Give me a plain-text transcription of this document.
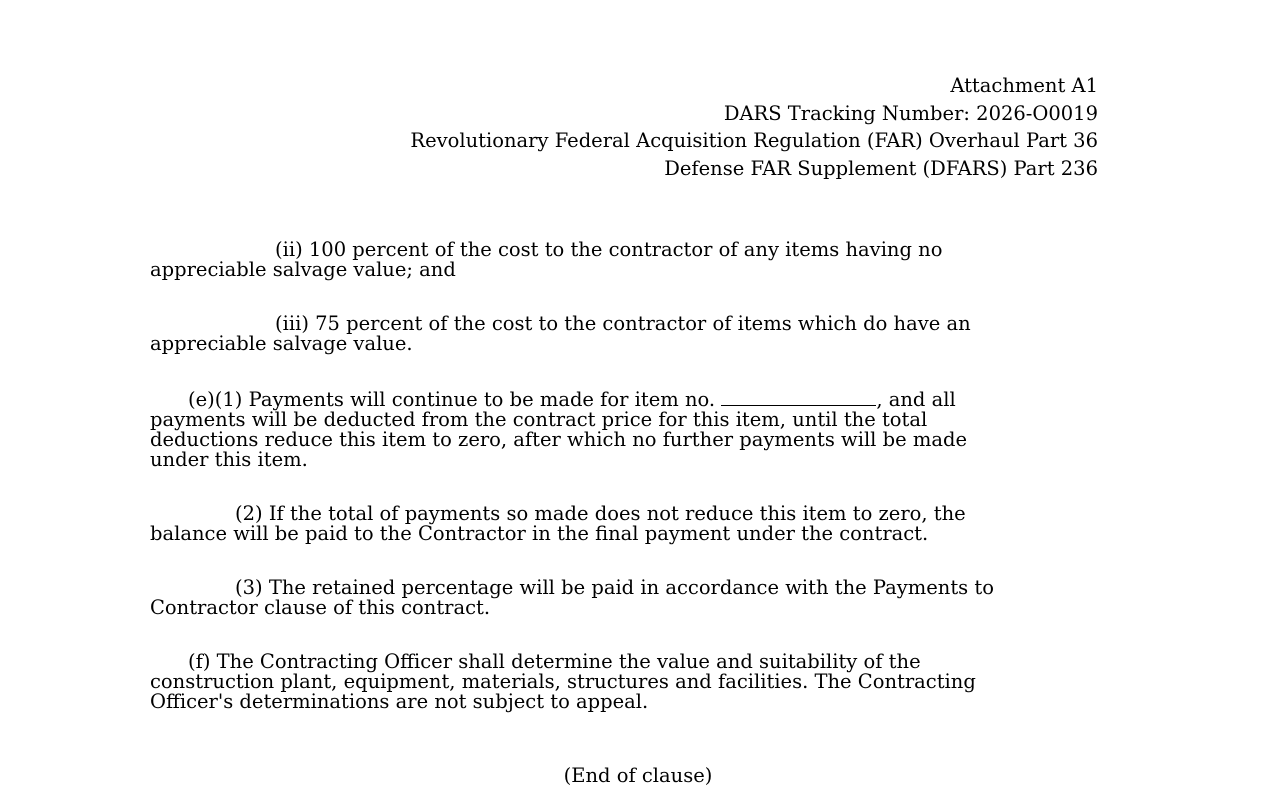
Attachment A1
DARS Tracking Number: 2026-O0019
Revolutionary Federal Acquisition Regulation (FAR) Overhaul Part 36
Defense FAR Supplement (DFARS) Part 236

(ii) 100 percent of the cost to the contractor of any items having no
appreciable salvage value; and

(iii) 75 percent of the cost to the contractor of items which do have an
appreciable salvage value.

(e)(1) Payments will continue to be made for item no.	, and all
payments will be deducted from the contract price for this item, until the total
deductions reduce this item to zero, after which no further payments will be made
under this item.

(2) If the total of payments so made does not reduce this item to zero, the
balance will be paid to the Contractor in the final payment under the contract.

(3) The retained percentage will be paid in accordance with the Payments to
Contractor clause of this contract.

(f) The Contracting Officer shall determine the value and suitability of the
construction plant, equipment, materials, structures and facilities. The Contracting
Officer's determinations are not subject to appeal.

(End of clause)
